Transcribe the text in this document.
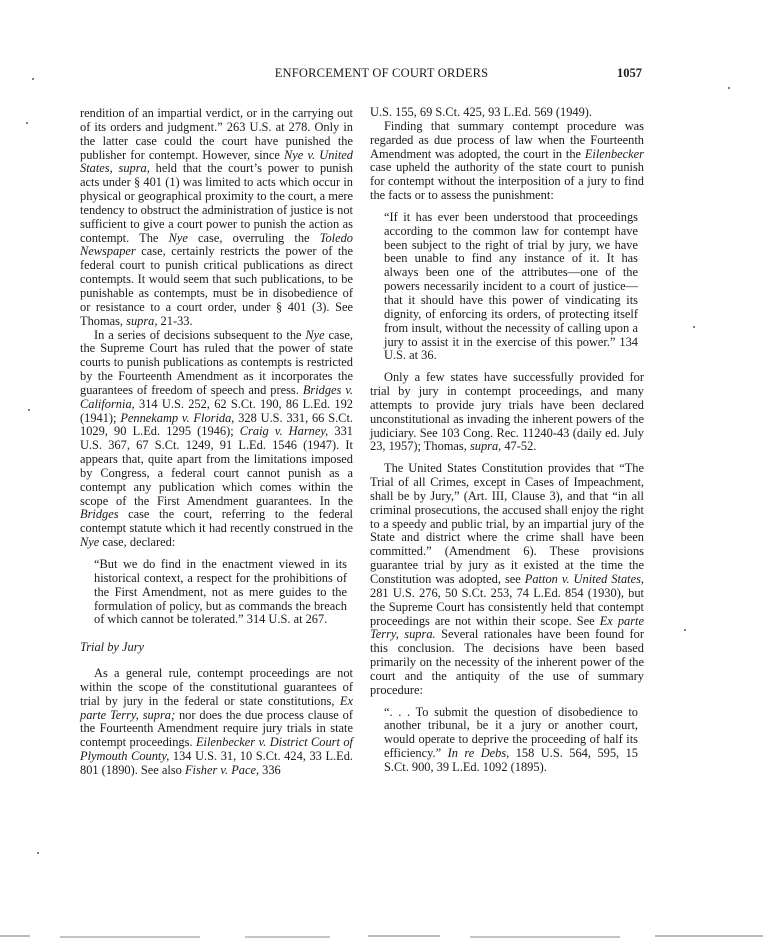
ENFORCEMENT OF COURT ORDERS	1057

rendition of an impartial verdict, or in the carrying out of its orders and judgment.” 263 U.S. at 278. Only in the latter case could the court have punished the publisher for contempt. However, since Nye v. United States, supra, held that the court’s power to punish acts under § 401 (1) was limited to acts which occur in physical or geographical proximity to the court, a mere tendency to obstruct the administration of justice is not sufficient to give a court power to punish the action as contempt. The Nye case, overruling the Toledo Newspaper case, certainly restricts the power of the federal court to punish critical publications as direct contempts. It would seem that such publications, to be punishable as contempts, must be in disobedience of or resistance to a court order, under § 401 (3). See Thomas, supra, 21-33.

In a series of decisions subsequent to the Nye case, the Supreme Court has ruled that the power of state courts to punish publications as contempts is restricted by the Fourteenth Amendment as it incorporates the guarantees of freedom of speech and press. Bridges v. California, 314 U.S. 252, 62 S.Ct. 190, 86 L.Ed. 192 (1941); Pennekamp v. Florida, 328 U.S. 331, 66 S.Ct. 1029, 90 L.Ed. 1295 (1946); Craig v. Harney, 331 U.S. 367, 67 S.Ct. 1249, 91 L.Ed. 1546 (1947). It appears that, quite apart from the limitations imposed by Congress, a federal court cannot punish as a contempt any publication which comes within the scope of the First Amendment guarantees. In the Bridges case the court, referring to the federal contempt statute which it had recently construed in the Nye case, declared:

“But we do find in the enactment viewed in its historical context, a respect for the prohibitions of the First Amendment, not as mere guides to the formulation of policy, but as commands the breach of which cannot be tolerated.” 314 U.S. at 267.

Trial by Jury

As a general rule, contempt proceedings are not within the scope of the constitutional guarantees of trial by jury in the federal or state constitutions, Ex parte Terry, supra; nor does the due process clause of the Fourteenth Amendment require jury trials in state contempt proceedings. Eilenbecker v. District Court of Plymouth County, 134 U.S. 31, 10 S.Ct. 424, 33 L.Ed. 801 (1890). See also Fisher v. Pace, 336

U.S. 155, 69 S.Ct. 425, 93 L.Ed. 569 (1949).

Finding that summary contempt procedure was regarded as due process of law when the Fourteenth Amendment was adopted, the court in the Eilenbecker case upheld the authority of the state court to punish for contempt without the interposition of a jury to find the facts or to assess the punishment:

“If it has ever been understood that proceedings according to the common law for contempt have been subject to the right of trial by jury, we have been unable to find any instance of it. It has always been one of the attributes—one of the powers necessarily incident to a court of justice—that it should have this power of vindicating its dignity, of enforcing its orders, of protecting itself from insult, without the necessity of calling upon a jury to assist it in the exercise of this power.” 134 U.S. at 36.

Only a few states have successfully provided for trial by jury in contempt proceedings, and many attempts to provide jury trials have been declared unconstitutional as invading the inherent powers of the judiciary. See 103 Cong. Rec. 11240-43 (daily ed. July 23, 1957); Thomas, supra, 47-52.

The United States Constitution provides that “The Trial of all Crimes, except in Cases of Impeachment, shall be by Jury,” (Art. III, Clause 3), and that “in all criminal prosecutions, the accused shall enjoy the right to a speedy and public trial, by an impartial jury of the State and district where the crime shall have been committed.” (Amendment 6). These provisions guarantee trial by jury as it existed at the time the Constitution was adopted, see Patton v. United States, 281 U.S. 276, 50 S.Ct. 253, 74 L.Ed. 854 (1930), but the Supreme Court has consistently held that contempt proceedings are not within their scope. See Ex parte Terry, supra. Several rationales have been found for this conclusion. The decisions have been based primarily on the necessity of the inherent power of the court and the antiquity of the use of summary procedure:

“. . . To submit the question of disobedience to another tribunal, be it a jury or another court, would operate to deprive the proceeding of half its efficiency.” In re Debs, 158 U.S. 564, 595, 15 S.Ct. 900, 39 L.Ed. 1092 (1895).
